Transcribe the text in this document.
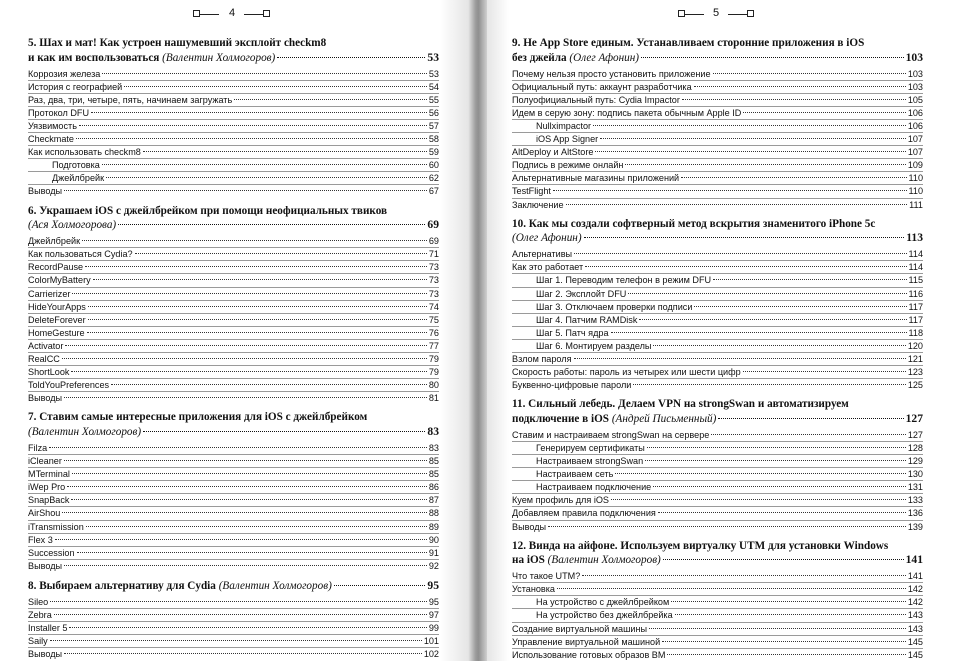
4
5. Шах и мат! Как устроен нашумевший эксплойт checkm8
и как им воспользоваться (Валентин Холмогоров)	53
Коррозия железа	53
История с географией	54
Раз, два, три, четыре, пять, начинаем загружать	55
Протокол DFU	56
Уязвимость	57
Checkmate	58
Как использовать checkm8	59
Подготовка	60
Джейлбрейк	62
Выводы	67
6. Украшаем iOS с джейлбрейком при помощи неофициальных твиков
(Ася Холмогорова)	69
Джейлбрейк	69
Как пользоваться Cydia?	71
RecordPause	73
ColorMyBattery	73
Carrierizer	73
HideYourApps	74
DeleteForever	75
HomeGesture	76
Activator	77
RealCC	79
ShortLook	79
ToldYouPreferences	80
Выводы	81
7. Ставим самые интересные приложения для iOS с джейлбрейком
(Валентин Холмогоров)	83
Filza	83
iCleaner	85
MTerminal	85
iWep Pro	86
SnapBack	87
AirShou	88
iTransmission	89
Flex 3	90
Succession	91
Выводы	92
8. Выбираем альтернативу для Cydia (Валентин Холмогоров)	95
Sileo	95
Zebra	97
Installer 5	99
Saily	101
Выводы	102
5
9. Не App Store единым. Устанавливаем сторонние приложения в iOS
без джейла (Олег Афонин)	103
Почему нельзя просто установить приложение	103
Официальный путь: аккаунт разработчика	103
Полуофициальный путь: Cydia Impactor	105
Идем в серую зону: подпись пакета обычным Apple ID	106
Nullximpactor	106
iOS App Signer	107
AltDeploy и AltStore	107
Подпись в режиме онлайн	109
Альтернативные магазины приложений	110
TestFlight	110
Заключение	111
10. Как мы создали софтверный метод вскрытия знаменитого iPhone 5c
(Олег Афонин)	113
Альтернативы	114
Как это работает	114
Шаг 1. Переводим телефон в режим DFU	115
Шаг 2. Эксплойт DFU	116
Шаг 3. Отключаем проверки подписи	117
Шаг 4. Патчим RAMDisk	117
Шаг 5. Патч ядра	118
Шаг 6. Монтируем разделы	120
Взлом пароля	121
Скорость работы: пароль из четырех или шести цифр	123
Буквенно-цифровые пароли	125
11. Сильный лебедь. Делаем VPN на strongSwan и автоматизируем
подключение в iOS (Андрей Письменный)	127
Ставим и настраиваем strongSwan на сервере	127
Генерируем сертификаты	128
Настраиваем strongSwan	129
Настраиваем сеть	130
Настраиваем подключение	131
Куем профиль для iOS	133
Добавляем правила подключения	136
Выводы	139
12. Винда на айфоне. Используем виртуалку UTM для установки Windows
на iOS (Валентин Холмогоров)	141
Что такое UTM?	141
Установка	142
На устройство с джейлбрейком	142
На устройство без джейлбрейка	143
Создание виртуальной машины	143
Управление виртуальной машиной	145
Использование готовых образов ВМ	145
